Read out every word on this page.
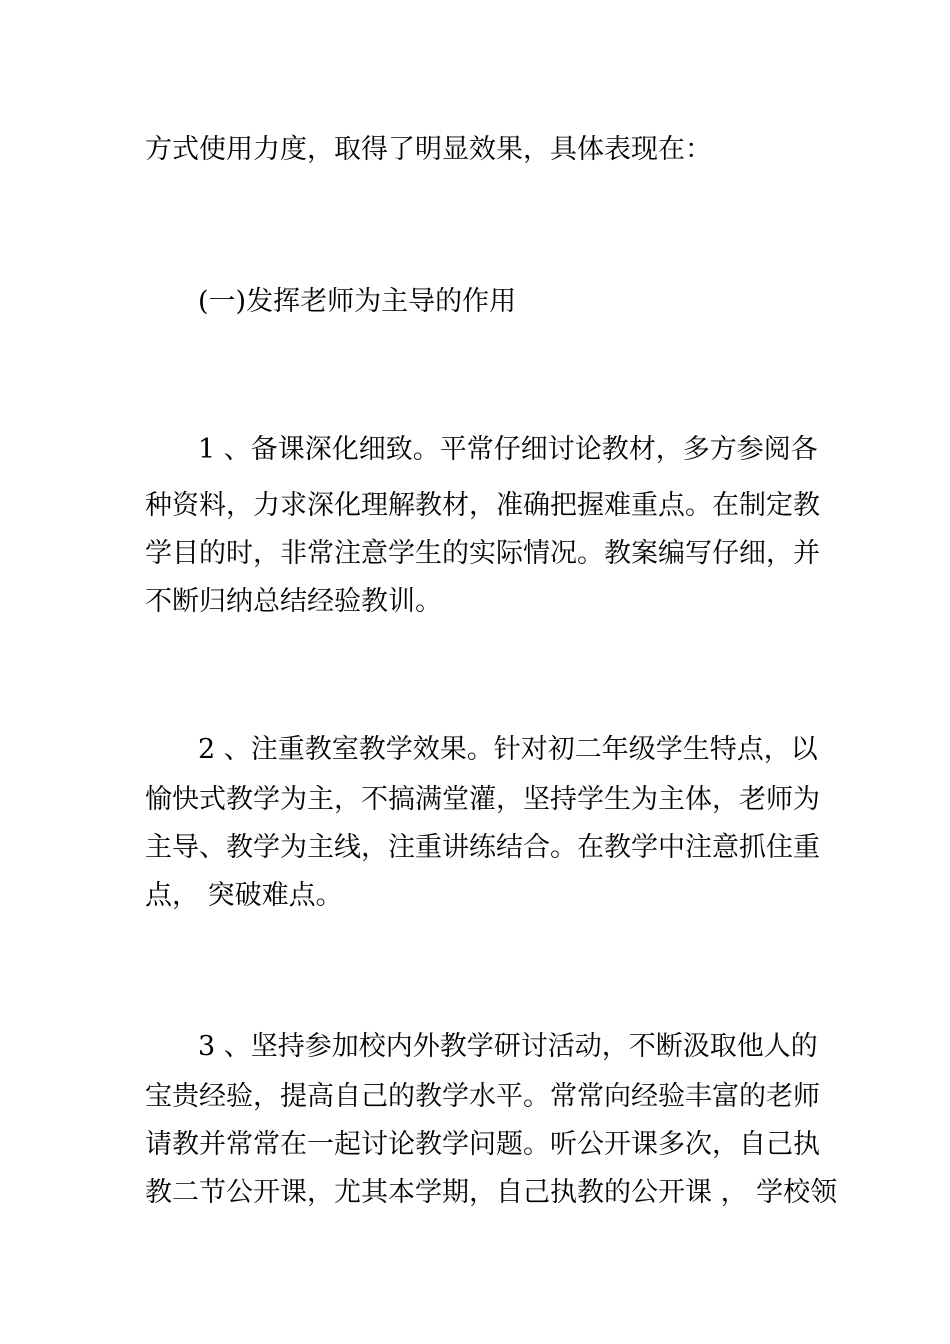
方式使用力度，取得了明显效果，具体表现在：
(一)发挥老师为主导的作用
1 、备课深化细致。平常仔细讨论教材，多方参阅各
种资料，力求深化理解教材，准确把握难重点。在制定教
学目的时，非常注意学生的实际情况。教案编写仔细，并
不断归纳总结经验教训。
2 、注重教室教学效果。针对初二年级学生特点，以
愉快式教学为主，不搞满堂灌，坚持学生为主体，老师为
主导、教学为主线，注重讲练结合。在教学中注意抓住重
点， 突破难点。
3 、坚持参加校内外教学研讨活动，不断汲取他人的
宝贵经验，提高自己的教学水平。常常向经验丰富的老师
请教并常常在一起讨论教学问题。听公开课多次，自己执
教二节公开课，尤其本学期，自己执教的公开课 ， 学校领
